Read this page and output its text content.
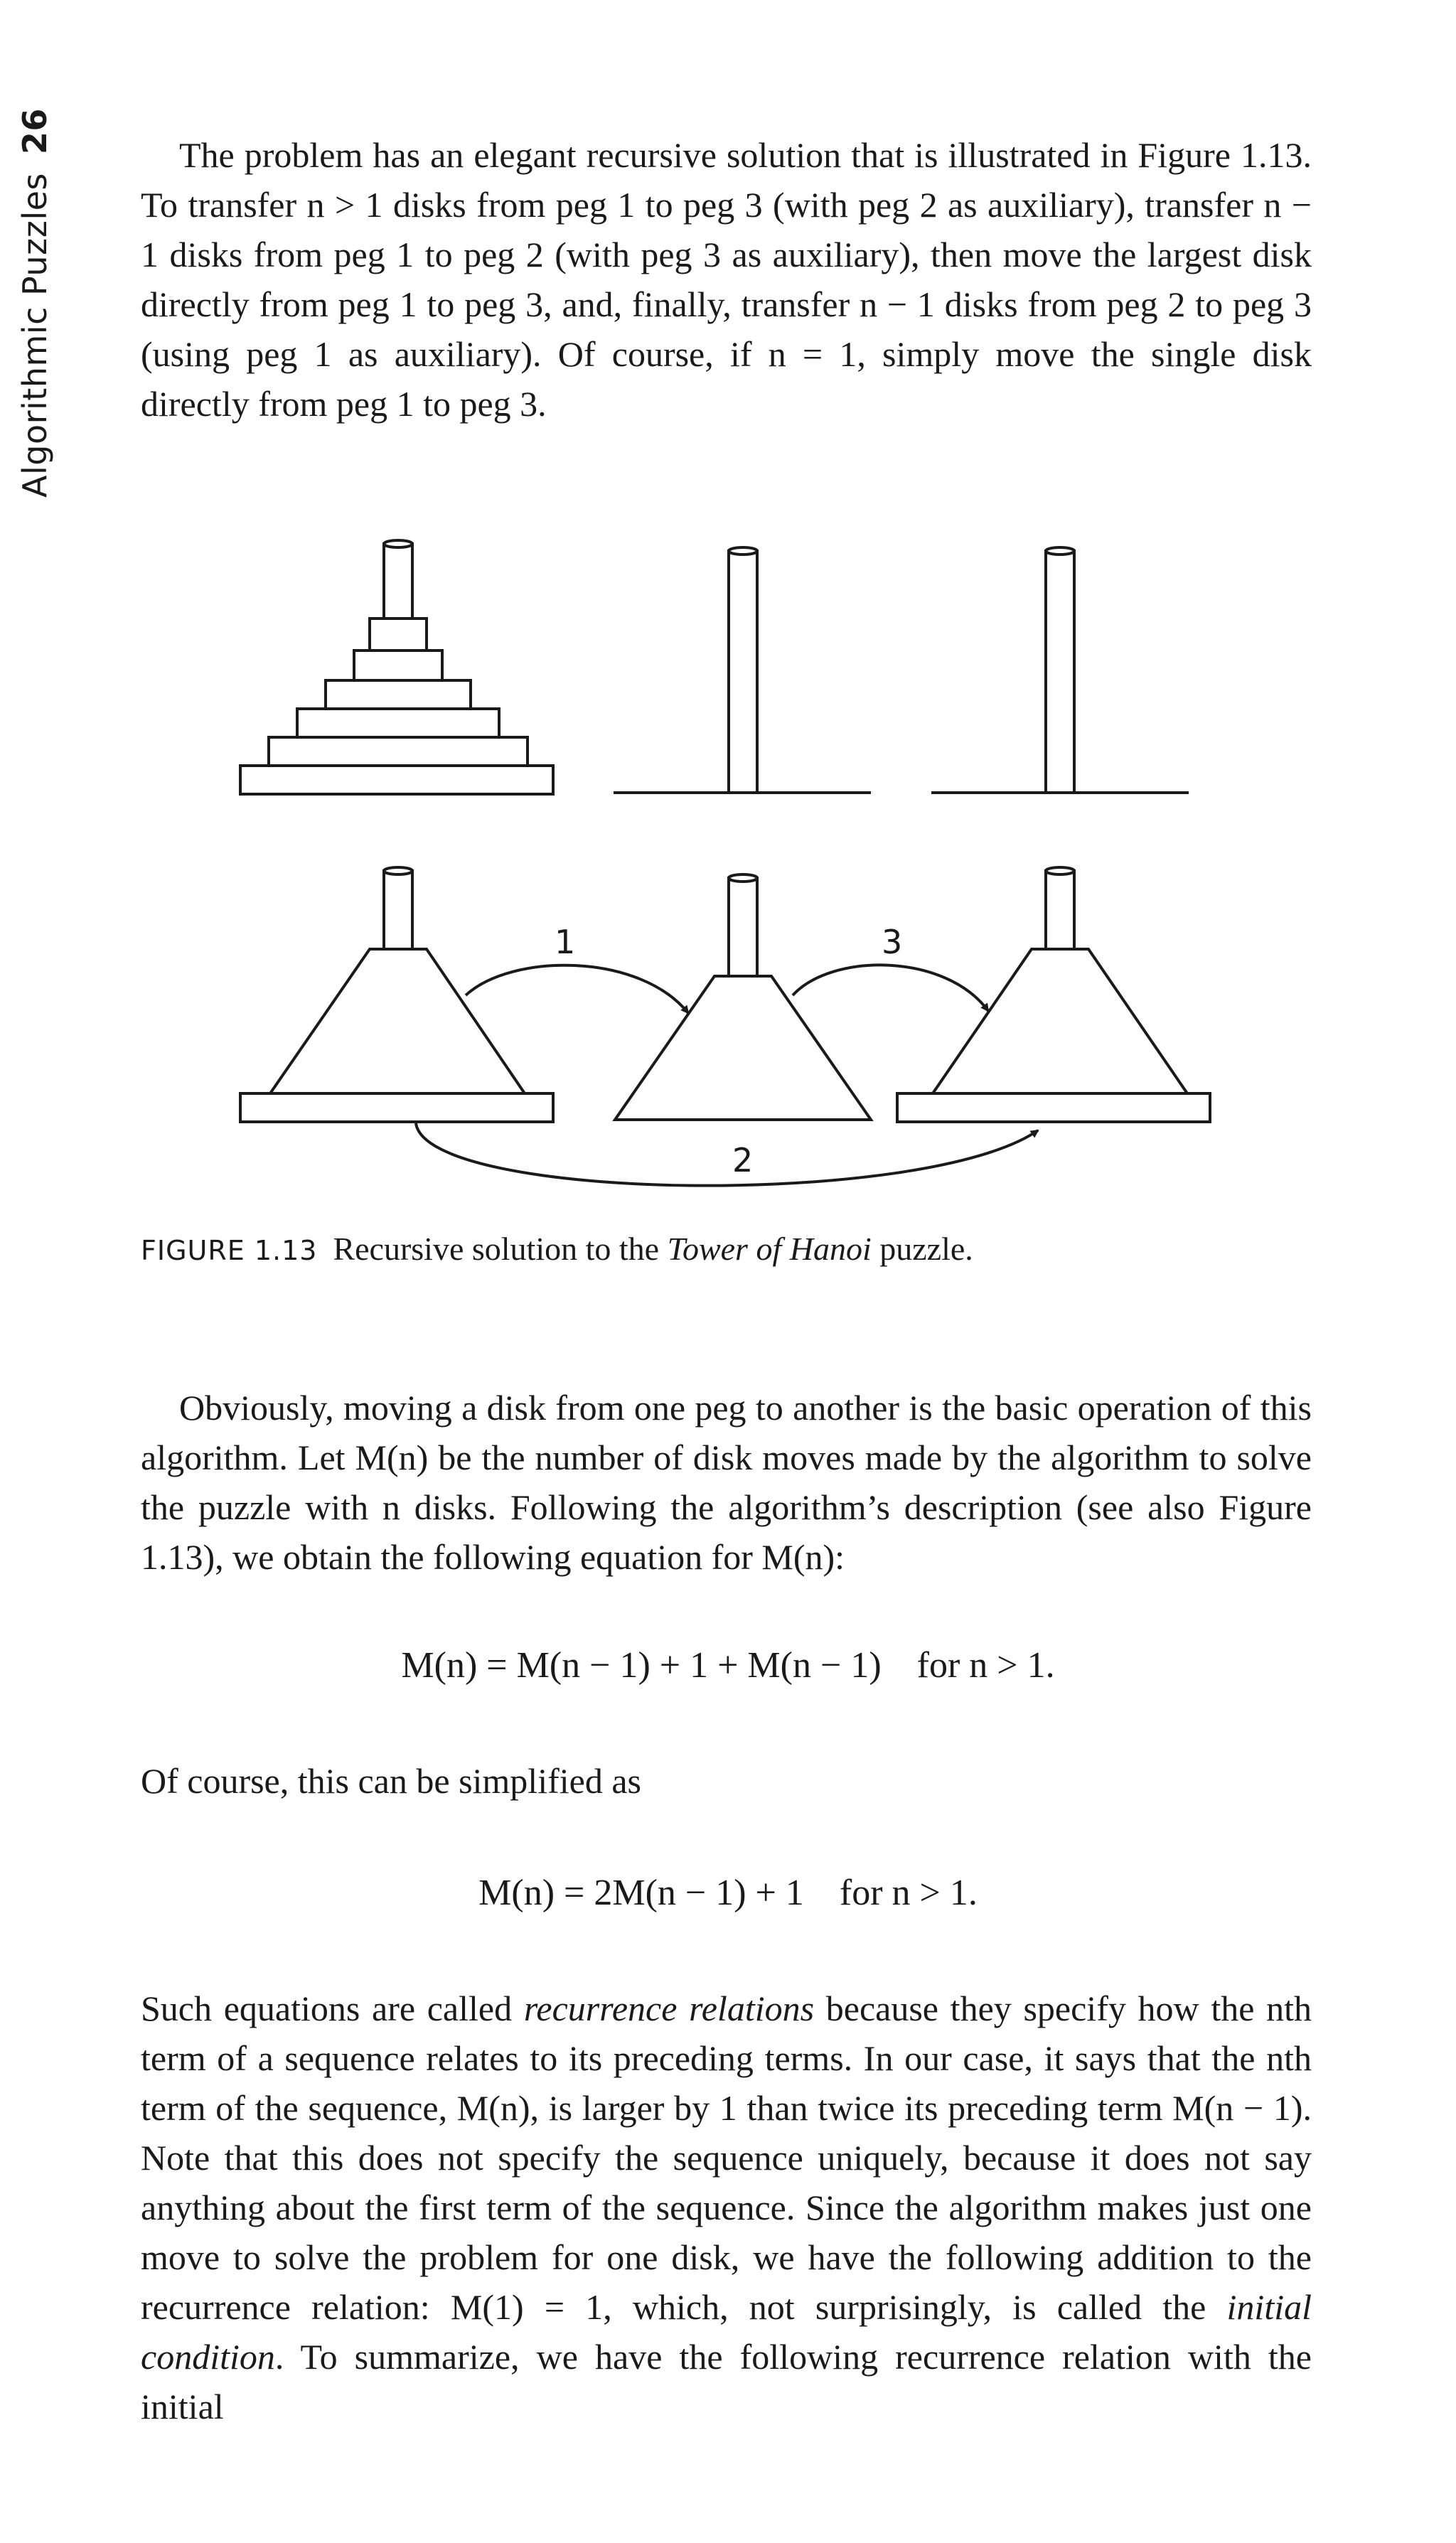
Algorithmic Puzzles26

The problem has an elegant recursive solution that is illustrated in Figure 1.13. To transfer n > 1 disks from peg 1 to peg 3 (with peg 2 as auxiliary), transfer n − 1 disks from peg 1 to peg 2 (with peg 3 as auxiliary), then move the largest disk directly from peg 1 to peg 3, and, finally, transfer n − 1 disks from peg 2 to peg 3 (using peg 1 as auxiliary). Of course, if n = 1, simply move the single disk directly from peg 1 to peg 3.

1	3
2
FIGURE 1.13 Recursive solution to the Tower of Hanoi puzzle.

Obviously, moving a disk from one peg to another is the basic operation of this algorithm. Let M(n) be the number of disk moves made by the algorithm to solve the puzzle with n disks. Following the algorithm’s description (see also Figure 1.13), we obtain the following equation for M(n):

M(n) = M(n − 1) + 1 + M(n − 1) for n > 1.

Of course, this can be simplified as

M(n) = 2M(n − 1) + 1 for n > 1.

Such equations are called recurrence relations because they specify how the nth term of a sequence relates to its preceding terms. In our case, it says that the nth term of the sequence, M(n), is larger by 1 than twice its preceding term M(n − 1). Note that this does not specify the sequence uniquely, because it does not say anything about the first term of the sequence. Since the algorithm makes just one move to solve the problem for one disk, we have the following addition to the recurrence relation: M(1) = 1, which, not surprisingly, is called the initial condition. To summarize, we have the following recurrence relation with the initial
